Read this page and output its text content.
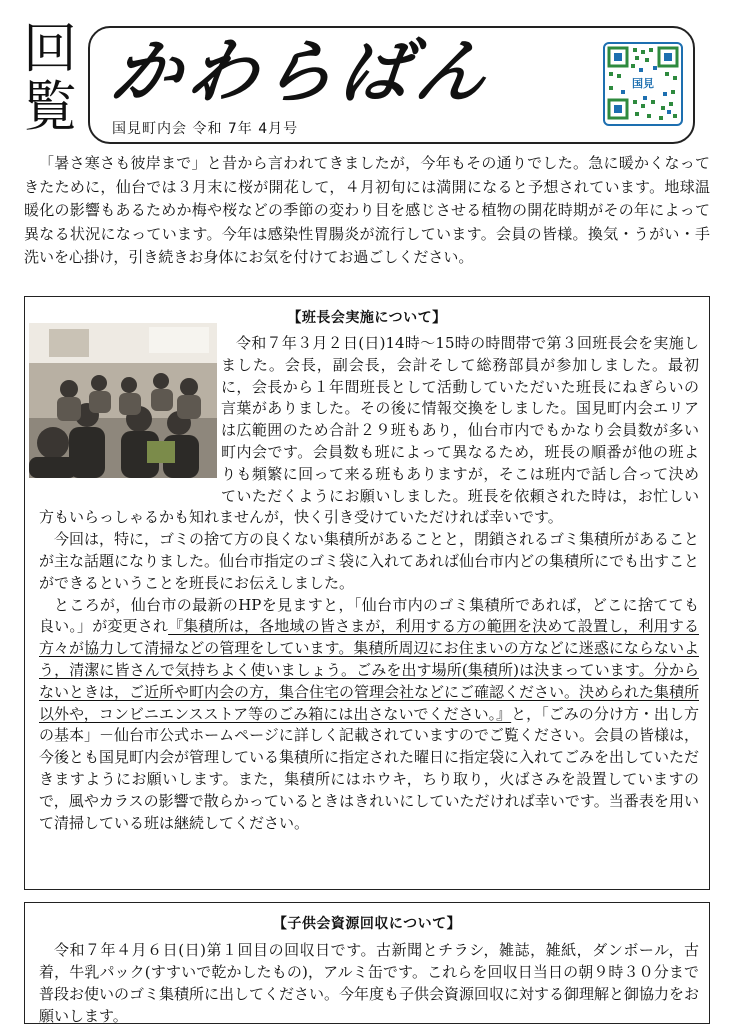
回
覧 かわらばん
国見町内会 令和 7年 4月号
国見

「暑さ寒さも彼岸まで」と昔から言われてきましたが，今年もその通りでした。急に暖かくなってきたために，仙台では３月末に桜が開花して，４月初旬には満開になると予想されています。地球温暖化の影響もあるためか梅や桜などの季節の変わり目を感じさせる植物の開花時期がその年によって異なる状況になっています。今年は感染性胃腸炎が流行しています。会員の皆様。換気・うがい・手洗いを心掛け，引き続きお身体にお気を付けてお過ごしください。

【班長会実施について】

令和７年３月２日(日)14時～15時の時間帯で第３回班長会を実施しました。会長，副会長，会計そして総務部員が参加しました。最初に，会長から１年間班長として活動していただいた班長にねぎらいの言葉がありました。その後に情報交換をしました。国見町内会エリアは広範囲のため合計２９班もあり，仙台市内でもかなり会員数が多い町内会です。会員数も班によって異なるため，班長の順番が他の班よりも頻繁に回って来る班もありますが，そこは班内で話し合って決めていただくようにお願いしました。班長を依頼された時は，お忙しい方もいらっしゃるかも知れませんが，快く引き受けていただければ幸いです。

今回は，特に，ゴミの捨て方の良くない集積所があることと，閉鎖されるゴミ集積所があることが主な話題になりました。仙台市指定のゴミ袋に入れてあれば仙台市内どの集積所にでも出すことができるということを班長にお伝えしました。

ところが，仙台市の最新のHPを見ますと，「仙台市内のゴミ集積所であれば，どこに捨てても良い。」が変更され『集積所は，各地域の皆さまが，利用する方の範囲を決めて設置し，利用する方々が協力して清掃などの管理をしています。集積所周辺にお住まいの方などに迷惑にならないよう，清潔に皆さんで気持ちよく使いましょう。ごみを出す場所(集積所)は決まっています。分からないときは，ご近所や町内会の方，集合住宅の管理会社などにご確認ください。決められた集積所以外や，コンビニエンスストア等のごみ箱には出さないでください。』と，「ごみの分け方・出し方の基本」－仙台市公式ホームページに詳しく記載されていますのでご覧ください。会員の皆様は，今後とも国見町内会が管理している集積所に指定された曜日に指定袋に入れてごみを出していただきますようにお願いします。また，集積所にはホウキ，ちり取り，火ばさみを設置していますので，風やカラスの影響で散らかっているときはきれいにしていただければ幸いです。当番表を用いて清掃している班は継続してください。

【子供会資源回収について】

令和７年４月６日(日)第１回目の回収日です。古新聞とチラシ，雑誌，雑紙，ダンボール，古着，牛乳パック(すすいで乾かしたもの)，アルミ缶です。これらを回収日当日の朝９時３０分まで普段お使いのゴミ集積所に出してください。今年度も子供会資源回収に対する御理解と御協力をお願いします。
